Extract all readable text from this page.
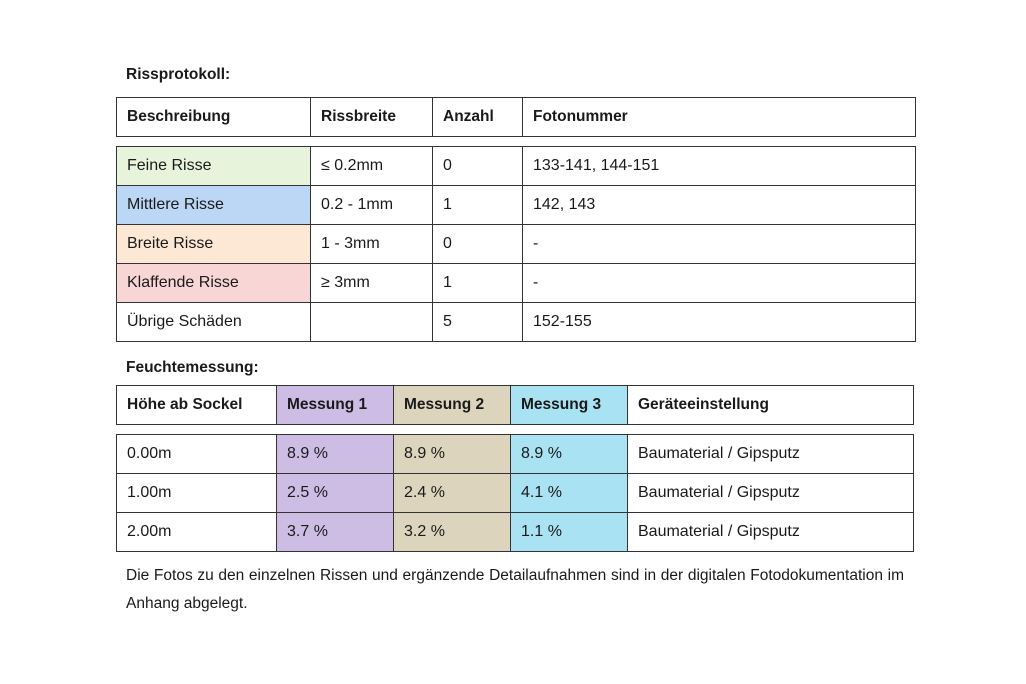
Rissprotokoll:
Beschreibung	Rissbreite	Anzahl	Fotonummer
Feine Risse	≤ 0.2mm	0	133-141, 144-151
Mittlere Risse	0.2 - 1mm	1	142, 143
Breite Risse	1 - 3mm	0	-
Klaffende Risse	≥ 3mm	1	-
Übrige Schäden		5	152-155
Feuchtemessung:
Höhe ab Sockel	Messung 1	Messung 2	Messung 3	Geräteeinstellung
0.00m	8.9 %	8.9 %	8.9 %	Baumaterial / Gipsputz
1.00m	2.5 %	2.4 %	4.1 %	Baumaterial / Gipsputz
2.00m	3.7 %	3.2 %	1.1 %	Baumaterial / Gipsputz

Die Fotos zu den einzelnen Rissen und ergänzende Detailaufnahmen sind in der digitalen Fotodokumentation im Anhang abgelegt.
